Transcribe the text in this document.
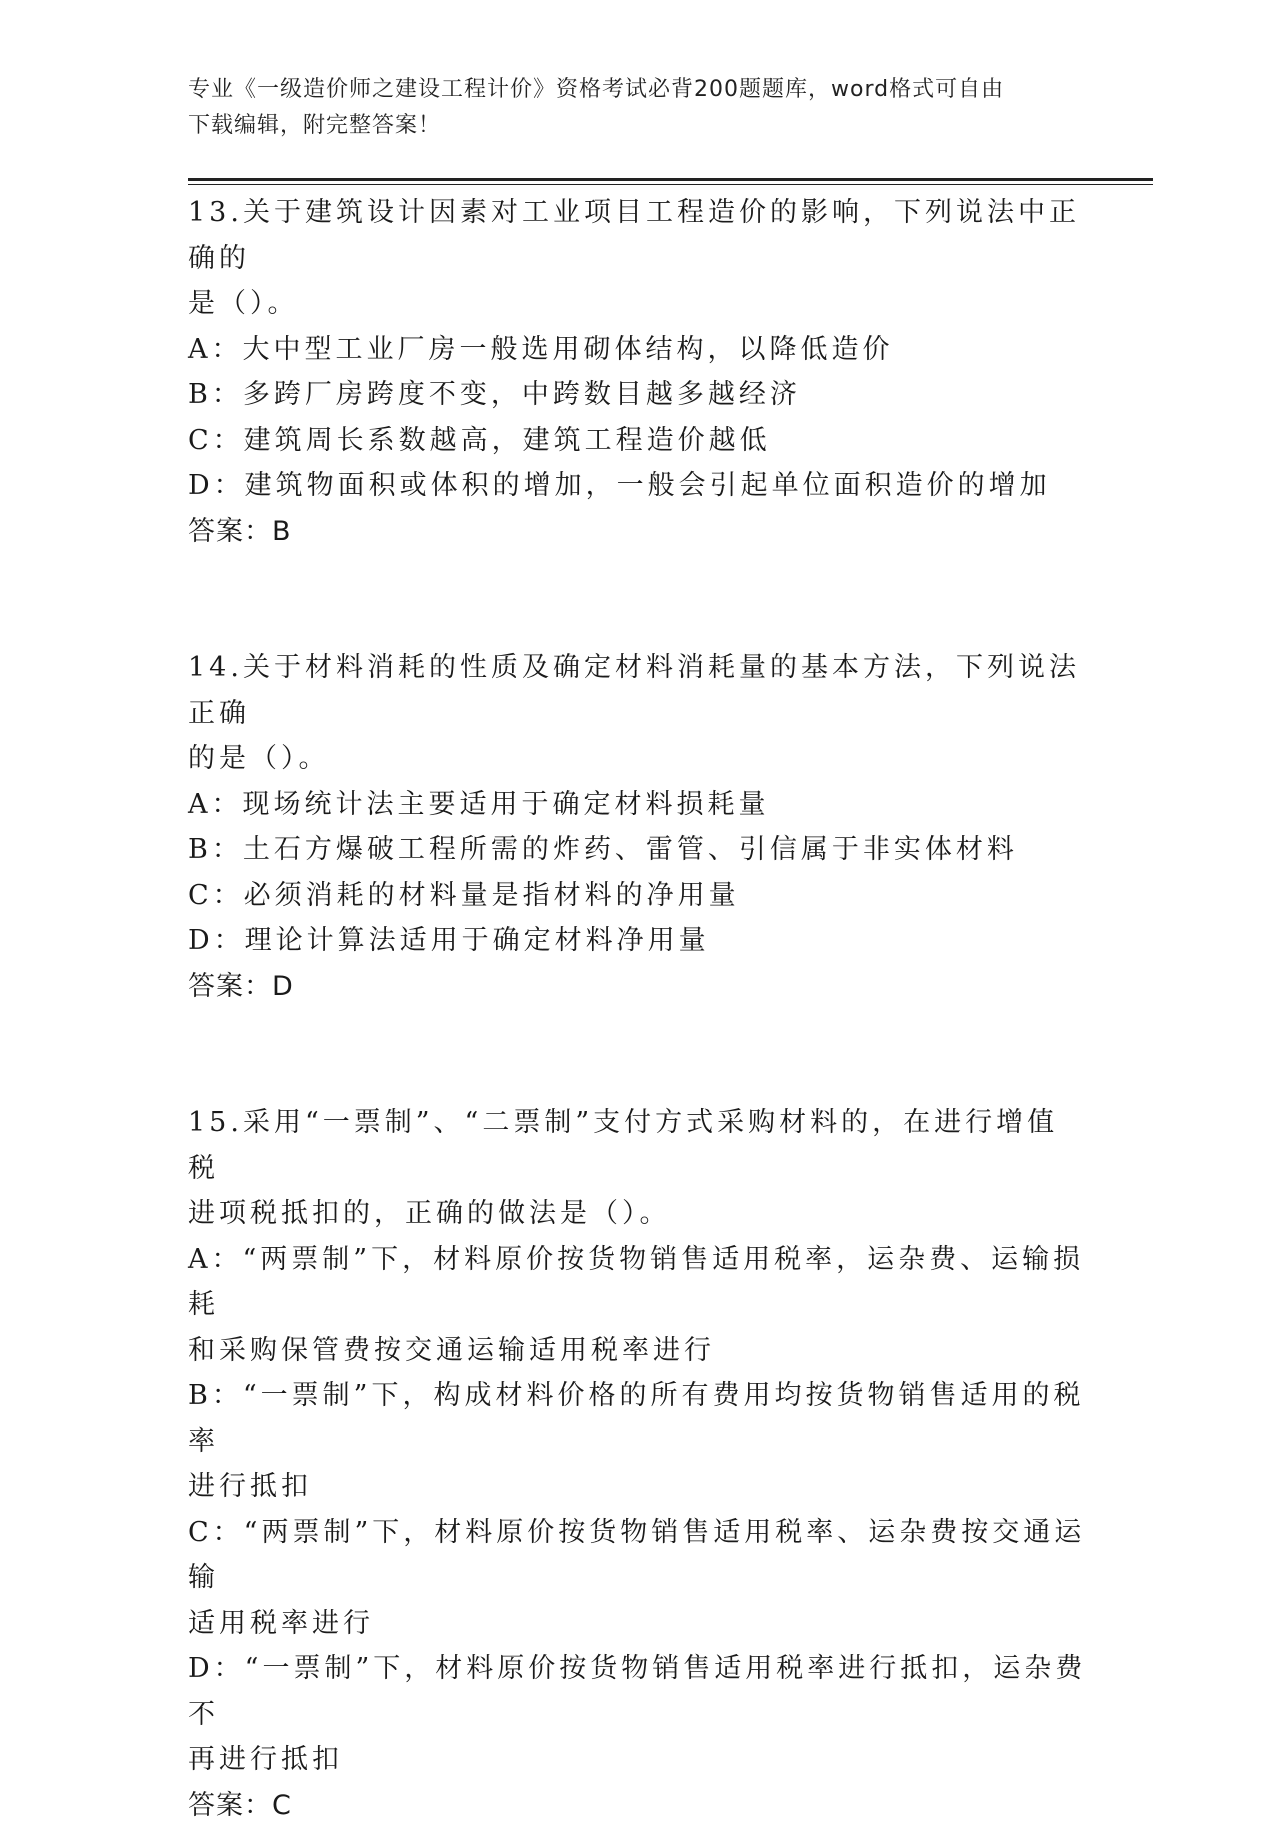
专业《一级造价师之建设工程计价》资格考试必背200题题库，word格式可自由
下载编辑，附完整答案！
13.关于建筑设计因素对工业项目工程造价的影响，下列说法中正确的
是（）。
A：大中型工业厂房一般选用砌体结构，以降低造价
B：多跨厂房跨度不变，中跨数目越多越经济
C：建筑周长系数越高，建筑工程造价越低
D：建筑物面积或体积的增加，一般会引起单位面积造价的增加
答案：B
14.关于材料消耗的性质及确定材料消耗量的基本方法，下列说法正确
的是（）。
A：现场统计法主要适用于确定材料损耗量
B：土石方爆破工程所需的炸药、雷管、引信属于非实体材料
C：必须消耗的材料量是指材料的净用量
D：理论计算法适用于确定材料净用量
答案：D
15.采用“一票制”、“二票制”支付方式采购材料的，在进行增值税
进项税抵扣的，正确的做法是（）。
A：“两票制”下，材料原价按货物销售适用税率，运杂费、运输损耗
和采购保管费按交通运输适用税率进行
B：“一票制”下，构成材料价格的所有费用均按货物销售适用的税率
进行抵扣
C：“两票制”下，材料原价按货物销售适用税率、运杂费按交通运输
适用税率进行
D：“一票制”下，材料原价按货物销售适用税率进行抵扣，运杂费不
再进行抵扣
答案：C
